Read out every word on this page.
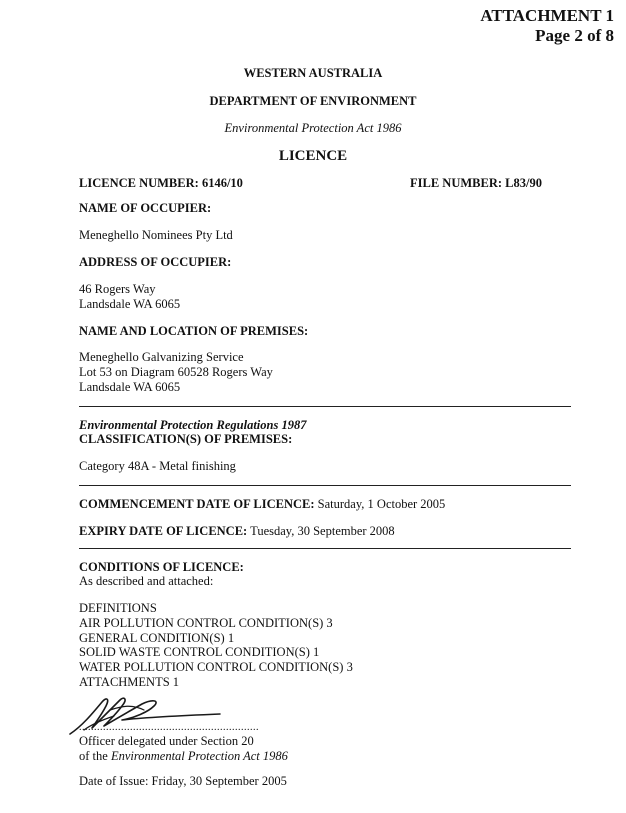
ATTACHMENT 1
Page 2 of 8
WESTERN AUSTRALIA
DEPARTMENT OF ENVIRONMENT
Environmental Protection Act 1986
LICENCE
LICENCE NUMBER: 6146/10	FILE NUMBER: L83/90
NAME OF OCCUPIER:
Meneghello Nominees Pty Ltd
ADDRESS OF OCCUPIER:
46 Rogers Way
Landsdale WA 6065
NAME AND LOCATION OF PREMISES:
Meneghello Galvanizing Service
Lot 53 on Diagram 60528 Rogers Way
Landsdale WA 6065
Environmental Protection Regulations 1987
CLASSIFICATION(S) OF PREMISES:
Category 48A - Metal finishing
COMMENCEMENT DATE OF LICENCE: Saturday, 1 October 2005
EXPIRY DATE OF LICENCE: Tuesday, 30 September 2008
CONDITIONS OF LICENCE:
As described and attached:
DEFINITIONS
AIR POLLUTION CONTROL CONDITION(S) 3
GENERAL CONDITION(S) 1
SOLID WASTE CONTROL CONDITION(S) 1
WATER POLLUTION CONTROL CONDITION(S) 3
ATTACHMENTS 1
............................................................
Officer delegated under Section 20
of the Environmental Protection Act 1986
Date of Issue: Friday, 30 September 2005
